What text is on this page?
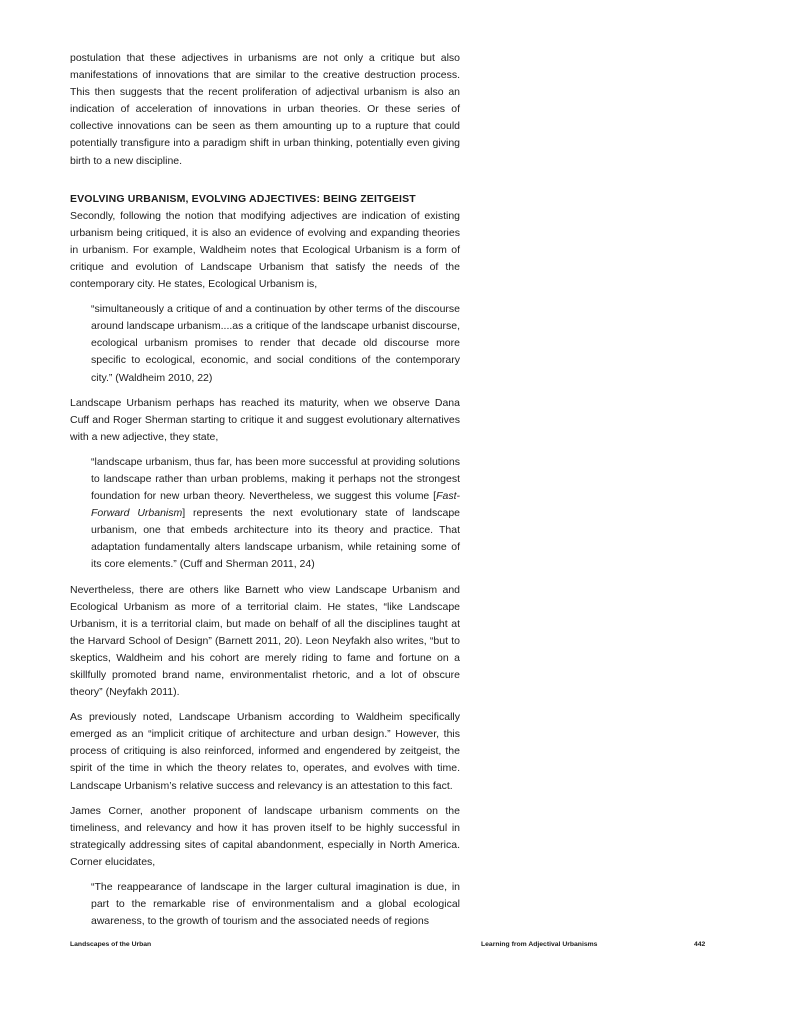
postulation that these adjectives in urbanisms are not only a critique but also manifestations of innovations that are similar to the creative destruction process. This then suggests that the recent proliferation of adjectival urbanism is also an indication of acceleration of innovations in urban theories. Or these series of collective innovations can be seen as them amounting up to a rupture that could potentially transfigure into a paradigm shift in urban thinking, potentially even giving birth to a new discipline.

EVOLVING URBANISM, EVOLVING ADJECTIVES: BEING ZEITGEIST

Secondly, following the notion that modifying adjectives are indication of existing urbanism being critiqued, it is also an evidence of evolving and expanding theories in urbanism. For example, Waldheim notes that Ecological Urbanism is a form of critique and evolution of Landscape Urbanism that satisfy the needs of the contemporary city. He states, Ecological Urbanism is,

“simultaneously a critique of and a continuation by other terms of the discourse around landscape urbanism....as a critique of the landscape urbanist discourse, ecological urbanism promises to render that decade old discourse more specific to ecological, economic, and social conditions of the contemporary city.” (Waldheim 2010, 22)

Landscape Urbanism perhaps has reached its maturity, when we observe Dana Cuff and Roger Sherman starting to critique it and suggest evolutionary alternatives with a new adjective, they state,

“landscape urbanism, thus far, has been more successful at providing solutions to landscape rather than urban problems, making it perhaps not the strongest foundation for new urban theory. Nevertheless, we suggest this volume [Fast-Forward Urbanism] represents the next evolutionary state of landscape urbanism, one that embeds architecture into its theory and practice. That adaptation fundamentally alters landscape urbanism, while retaining some of its core elements.” (Cuff and Sherman 2011, 24)

Nevertheless, there are others like Barnett who view Landscape Urbanism and Ecological Urbanism as more of a territorial claim. He states, “like Landscape Urbanism, it is a territorial claim, but made on behalf of all the disciplines taught at the Harvard School of Design” (Barnett 2011, 20). Leon Neyfakh also writes, “but to skeptics, Waldheim and his cohort are merely riding to fame and fortune on a skillfully promoted brand name, environmentalist rhetoric, and a lot of obscure theory” (Neyfakh 2011).

As previously noted, Landscape Urbanism according to Waldheim specifically emerged as an “implicit critique of architecture and urban design.” However, this process of critiquing is also reinforced, informed and engendered by zeitgeist, the spirit of the time in which the theory relates to, operates, and evolves with time. Landscape Urbanism’s relative success and relevancy is an attestation to this fact.

James Corner, another proponent of landscape urbanism comments on the timeliness, and relevancy and how it has proven itself to be highly successful in strategically addressing sites of capital abandonment, especially in North America. Corner elucidates,

“The reappearance of landscape in the larger cultural imagination is due, in part to the remarkable rise of environmentalism and a global ecological awareness, to the growth of tourism and the associated needs of regions

Landscapes of the Urban	Learning from Adjectival Urbanisms	442
